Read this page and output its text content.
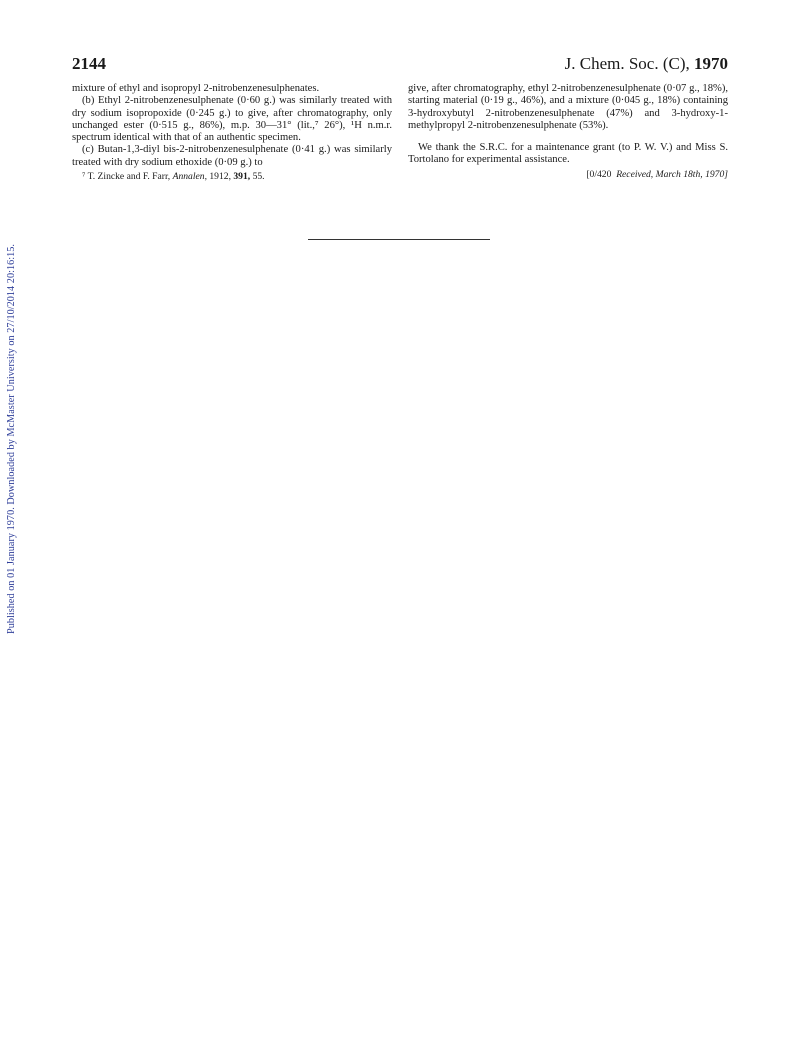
Published on 01 January 1970. Downloaded by McMaster University on 27/10/2014 20:16:15.
2144	J. Chem. Soc. (C), 1970

mixture of ethyl and isopropyl 2-nitrobenzenesulphenates.

(b) Ethyl 2-nitrobenzenesulphenate (0·60 g.) was similarly treated with dry sodium isopropoxide (0·245 g.) to give, after chromatography, only unchanged ester (0·515 g., 86%), m.p. 30—31° (lit.,⁷ 26°), ¹H n.m.r. spectrum identical with that of an authentic specimen.

(c) Butan-1,3-diyl bis-2-nitrobenzenesulphenate (0·41 g.) was similarly treated with dry sodium ethoxide (0·09 g.) to

⁷ T. Zincke and F. Farr, Annalen, 1912, 391, 55.

give, after chromatography, ethyl 2-nitrobenzenesulphenate (0·07 g., 18%), starting material (0·19 g., 46%), and a mixture (0·045 g., 18%) containing 3-hydroxybutyl 2-nitrobenzenesulphenate (47%) and 3-hydroxy-1-methylpropyl 2-nitrobenzenesulphenate (53%).

We thank the S.R.C. for a maintenance grant (to P. W. V.) and Miss S. Tortolano for experimental assistance.

[0/420 Received, March 18th, 1970]
